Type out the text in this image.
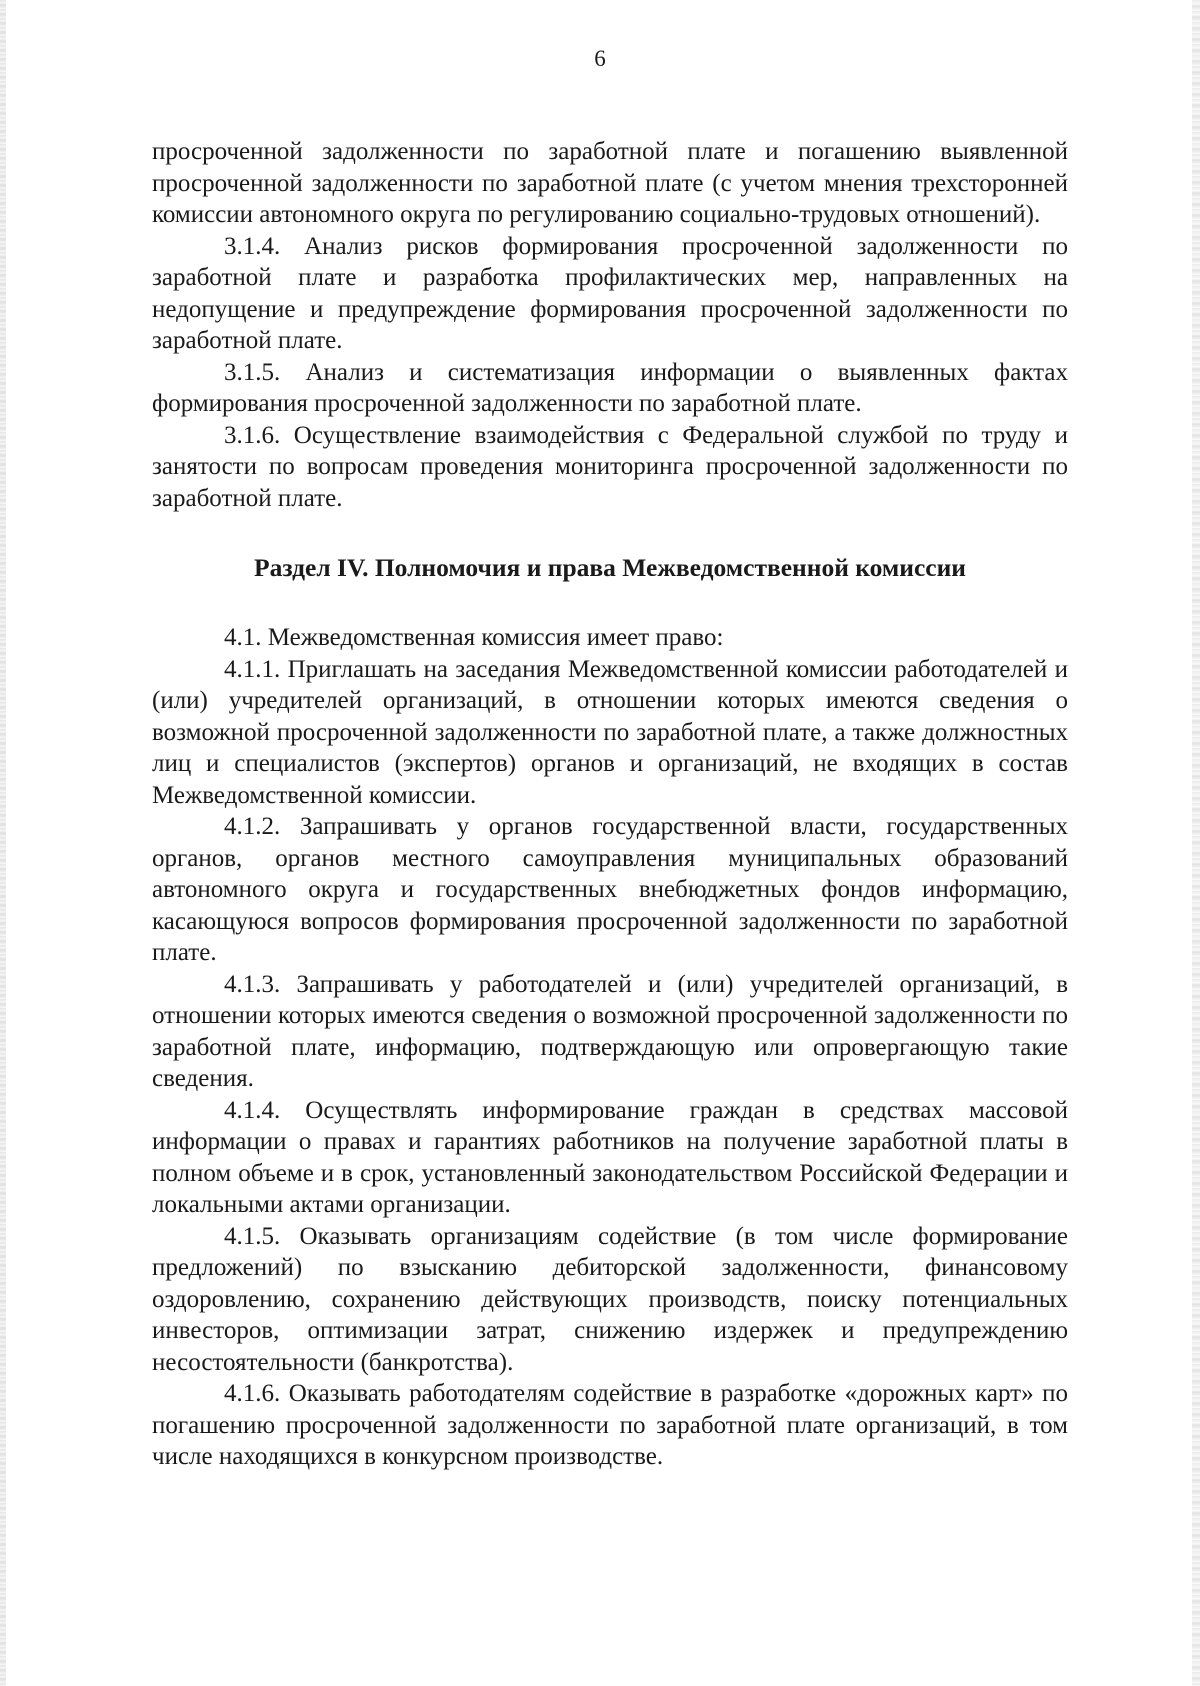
6

просроченной задолженности по заработной плате и погашению выявленной просроченной задолженности по заработной плате (с учетом мнения трехсторонней комиссии автономного округа по регулированию социально-трудовых отношений).

3.1.4. Анализ рисков формирования просроченной задолженности по заработной плате и разработка профилактических мер, направленных на недопущение и предупреждение формирования просроченной задолженности по заработной плате.

3.1.5. Анализ и систематизация информации о выявленных фактах формирования просроченной задолженности по заработной плате.

3.1.6. Осуществление взаимодействия с Федеральной службой по труду и занятости по вопросам проведения мониторинга просроченной задолженности по заработной плате.

Раздел IV. Полномочия и права Межведомственной комиссии

4.1. Межведомственная комиссия имеет право:

4.1.1. Приглашать на заседания Межведомственной комиссии работодателей и (или) учредителей организаций, в отношении которых имеются сведения о возможной просроченной задолженности по заработной плате, а также должностных лиц и специалистов (экспертов) органов и организаций, не входящих в состав Межведомственной комиссии.

4.1.2. Запрашивать у органов государственной власти, государственных органов, органов местного самоуправления муниципальных образований автономного округа и государственных внебюджетных фондов информацию, касающуюся вопросов формирования просроченной задолженности по заработной плате.

4.1.3. Запрашивать у работодателей и (или) учредителей организаций, в отношении которых имеются сведения о возможной просроченной задолженности по заработной плате, информацию, подтверждающую или опровергающую такие сведения.

4.1.4. Осуществлять информирование граждан в средствах массовой информации о правах и гарантиях работников на получение заработной платы в полном объеме и в срок, установленный законодательством Российской Федерации и локальными актами организации.

4.1.5. Оказывать организациям содействие (в том числе формирование предложений) по взысканию дебиторской задолженности, финансовому оздоровлению, сохранению действующих производств, поиску потенциальных инвесторов, оптимизации затрат, снижению издержек и предупреждению несостоятельности (банкротства).

4.1.6. Оказывать работодателям содействие в разработке «дорожных карт» по погашению просроченной задолженности по заработной плате организаций, в том числе находящихся в конкурсном производстве.
